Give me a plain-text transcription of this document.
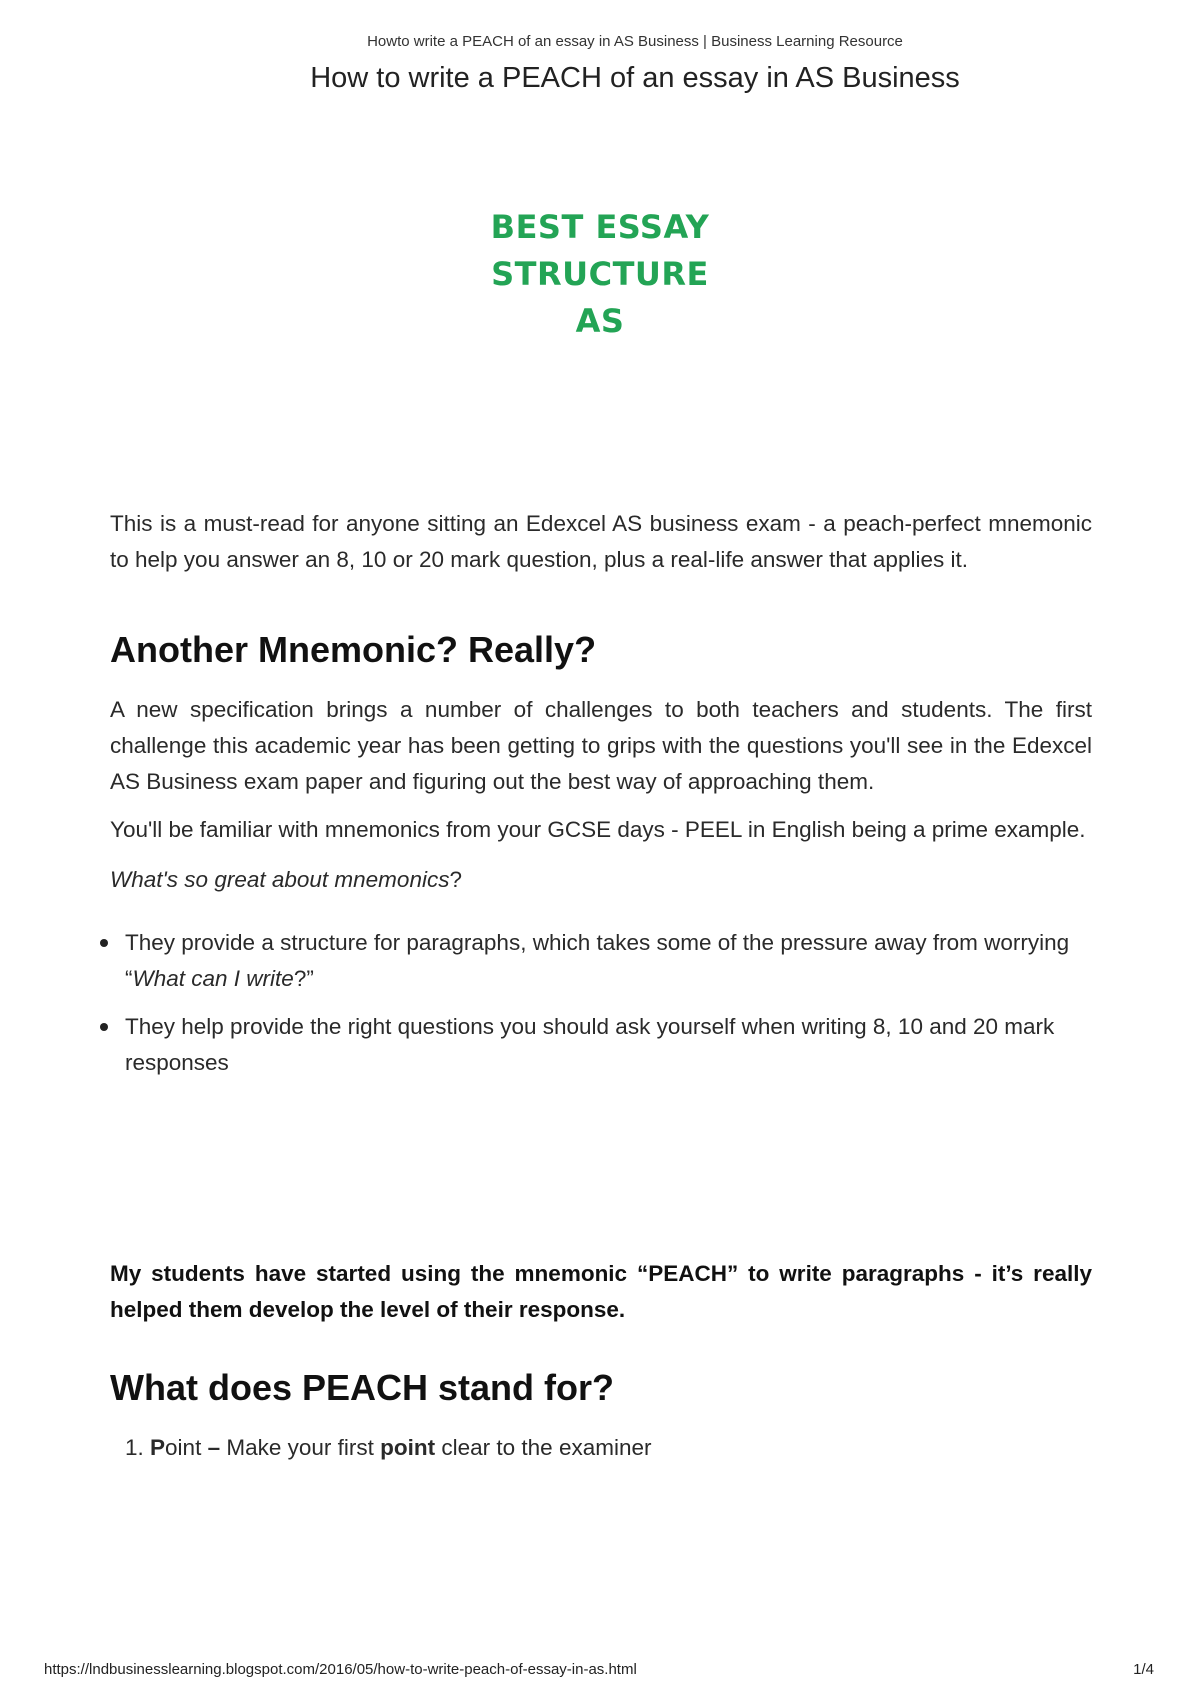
Howto write a PEACH of an essay in AS Business | Business Learning Resource
How to write a PEACH of an essay in AS Business
BEST ESSAY
STRUCTURE
AS

This is a must-read for anyone sitting an Edexcel AS business exam - a peach-perfect mnemonic to help you answer an 8, 10 or 20 mark question, plus a real-life answer that applies it.

Another Mnemonic? Really?

A new specification brings a number of challenges to both teachers and students. The first challenge this academic year has been getting to grips with the questions you'll see in the Edexcel AS Business exam paper and figuring out the best way of approaching them.

You'll be familiar with mnemonics from your GCSE days - PEEL in English being a prime example.

What's so great about mnemonics?

They provide a structure for paragraphs, which takes some of the pressure away from worrying “What can I write?”
They help provide the right questions you should ask yourself when writing 8, 10 and 20 mark responses

My students have started using the mnemonic “PEACH” to write paragraphs - it’s really helped them develop the level of their response.

What does PEACH stand for?
1. Point – Make your first point clear to the examiner
https://lndbusinesslearning.blogspot.com/2016/05/how-to-write-peach-of-essay-in-as.html	1/4
